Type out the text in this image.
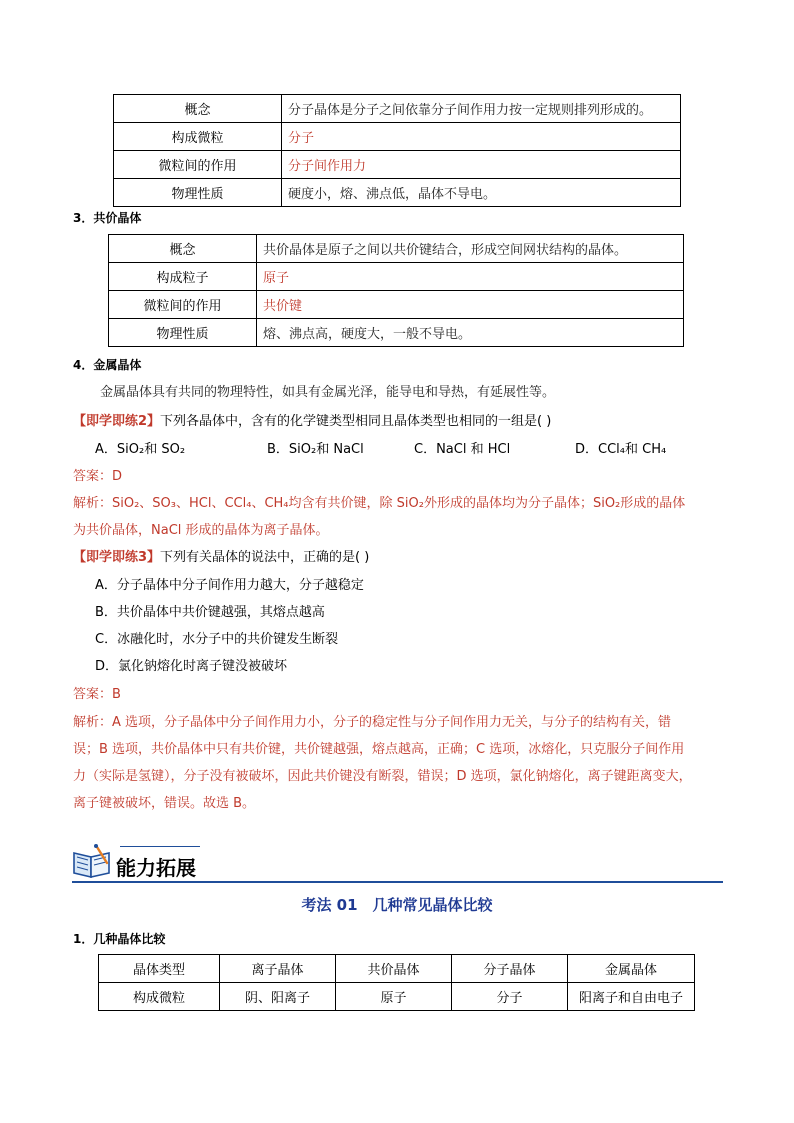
概念	分子晶体是分子之间依靠分子间作用力按一定规则排列形成的。
构成微粒	分子
微粒间的作用	分子间作用力
物理性质	硬度小，熔、沸点低，晶体不导电。
3．共价晶体
概念	共价晶体是原子之间以共价键结合，形成空间网状结构的晶体。
构成粒子	原子
微粒间的作用	共价键
物理性质	熔、沸点高，硬度大，一般不导电。
4．金属晶体
金属晶体具有共同的物理特性，如具有金属光泽，能导电和导热，有延展性等。
【即学即练2】下列各晶体中，含有的化学键类型相同且晶体类型也相同的一组是( )
A．SiO₂和 SO₂	B．SiO₂和 NaCl	C．NaCl 和 HCl	D．CCl₄和 CH₄
答案：D
解析：SiO₂、SO₃、HCl、CCl₄、CH₄均含有共价键，除 SiO₂外形成的晶体均为分子晶体；SiO₂形成的晶体
为共价晶体，NaCl 形成的晶体为离子晶体。
【即学即练3】下列有关晶体的说法中，正确的是( )
A．分子晶体中分子间作用力越大，分子越稳定
B．共价晶体中共价键越强，其熔点越高
C．冰融化时，水分子中的共价键发生断裂
D．氯化钠熔化时离子键没被破坏
答案：B
解析：A 选项，分子晶体中分子间作用力小，分子的稳定性与分子间作用力无关，与分子的结构有关，错
误；B 选项，共价晶体中只有共价键，共价键越强，熔点越高，正确；C 选项，冰熔化，只克服分子间作用
力（实际是氢键），分子没有被破坏，因此共价键没有断裂，错误；D 选项，氯化钠熔化，离子键距离变大，
离子键被破坏，错误。故选 B。
能力拓展
考法 01　几种常见晶体比较
1．几种晶体比较
晶体类型	离子晶体	共价晶体	分子晶体	金属晶体
构成微粒	阴、阳离子	原子	分子	阳离子和自由电子
